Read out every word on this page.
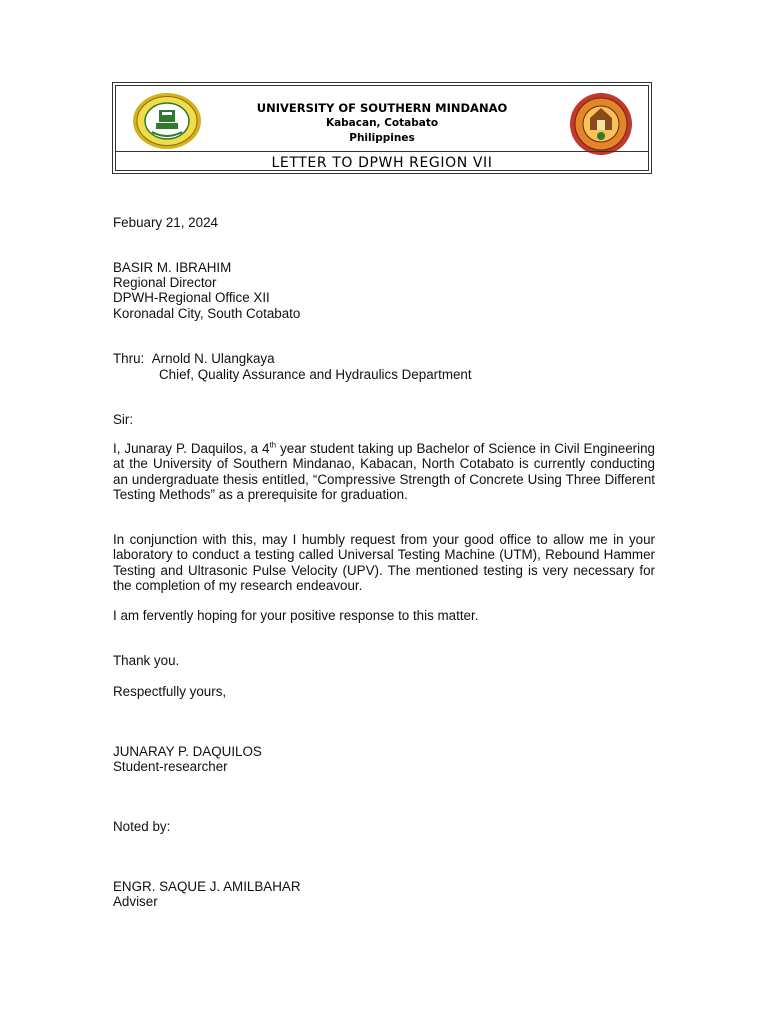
UNIVERSITY OF SOUTHERN MINDANAO
Kabacan, Cotabato
Philippines
LETTER TO DPWH REGION VII
Febuary 21, 2024
BASIR M. IBRAHIM
Regional Director
DPWH-Regional Office XII
Koronadal City, South Cotabato
Thru: Arnold N. Ulangkaya
Chief, Quality Assurance and Hydraulics Department
Sir:
I, Junaray P. Daquilos, a 4th year student taking up Bachelor of Science in Civil Engineering at the University of Southern Mindanao, Kabacan, North Cotabato is currently conducting an undergraduate thesis entitled, “Compressive Strength of Concrete Using Three Different Testing Methods” as a prerequisite for graduation.
In conjunction with this, may I humbly request from your good office to allow me in your laboratory to conduct a testing called Universal Testing Machine (UTM), Rebound Hammer Testing and Ultrasonic Pulse Velocity (UPV). The mentioned testing is very necessary for the completion of my research endeavour.
I am fervently hoping for your positive response to this matter.
Thank you.
Respectfully yours,
JUNARAY P. DAQUILOS
Student-researcher
Noted by:
ENGR. SAQUE J. AMILBAHAR
Adviser
